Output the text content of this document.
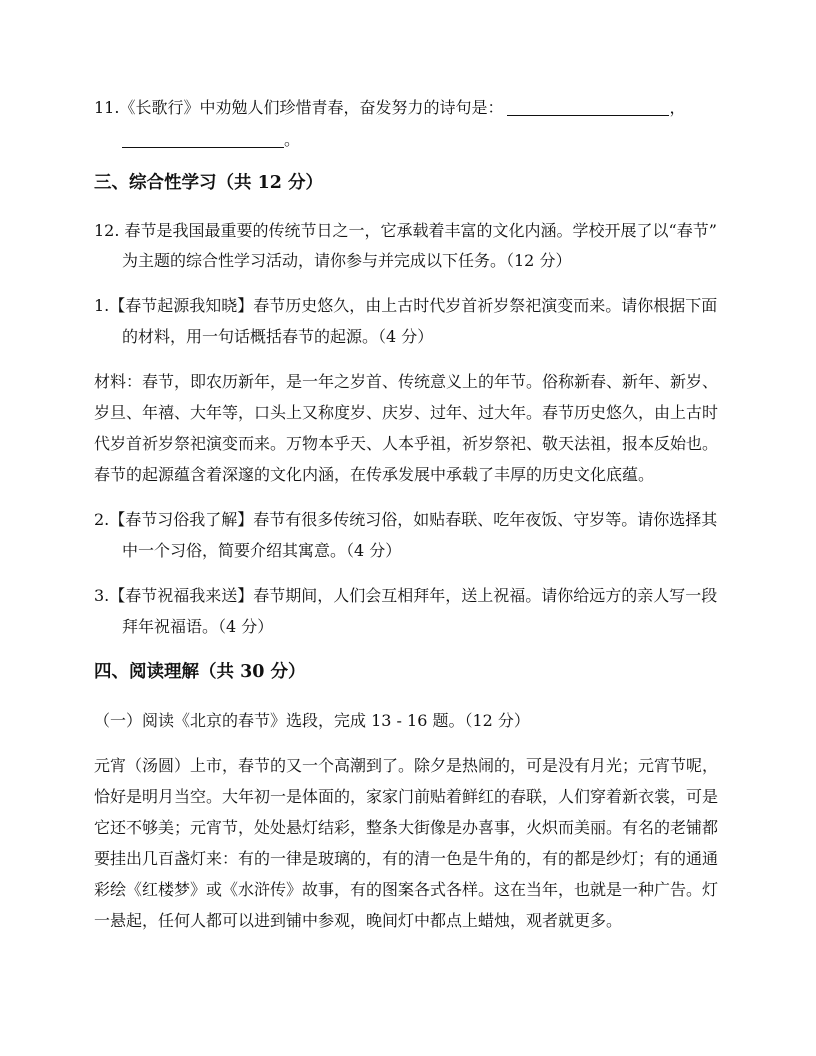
11.《长歌行》中劝勉人们珍惜青春，奋发努力的诗句是：	，
。
三、综合性学习（共 12 分）
12. 春节是我国最重要的传统节日之一，它承载着丰富的文化内涵。学校开展了以“春节”
为主题的综合性学习活动，请你参与并完成以下任务。（12 分）
1.【春节起源我知晓】春节历史悠久，由上古时代岁首祈岁祭祀演变而来。请你根据下面
的材料，用一句话概括春节的起源。（4 分）
材料：春节，即农历新年，是一年之岁首、传统意义上的年节。俗称新春、新年、新岁、
岁旦、年禧、大年等，口头上又称度岁、庆岁、过年、过大年。春节历史悠久，由上古时
代岁首祈岁祭祀演变而来。万物本乎天、人本乎祖，祈岁祭祀、敬天法祖，报本反始也。
春节的起源蕴含着深邃的文化内涵，在传承发展中承载了丰厚的历史文化底蕴。
2.【春节习俗我了解】春节有很多传统习俗，如贴春联、吃年夜饭、守岁等。请你选择其
中一个习俗，简要介绍其寓意。（4 分）
3.【春节祝福我来送】春节期间，人们会互相拜年，送上祝福。请你给远方的亲人写一段
拜年祝福语。（4 分）
四、阅读理解（共 30 分）
（一）阅读《北京的春节》选段，完成 13 - 16 题。（12 分）
元宵（汤圆）上市，春节的又一个高潮到了。除夕是热闹的，可是没有月光；元宵节呢，
恰好是明月当空。大年初一是体面的，家家门前贴着鲜红的春联，人们穿着新衣裳，可是
它还不够美；元宵节，处处悬灯结彩，整条大街像是办喜事，火炽而美丽。有名的老铺都
要挂出几百盏灯来：有的一律是玻璃的，有的清一色是牛角的，有的都是纱灯；有的通通
彩绘《红楼梦》或《水浒传》故事，有的图案各式各样。这在当年，也就是一种广告。灯
一悬起，任何人都可以进到铺中参观，晚间灯中都点上蜡烛，观者就更多。
